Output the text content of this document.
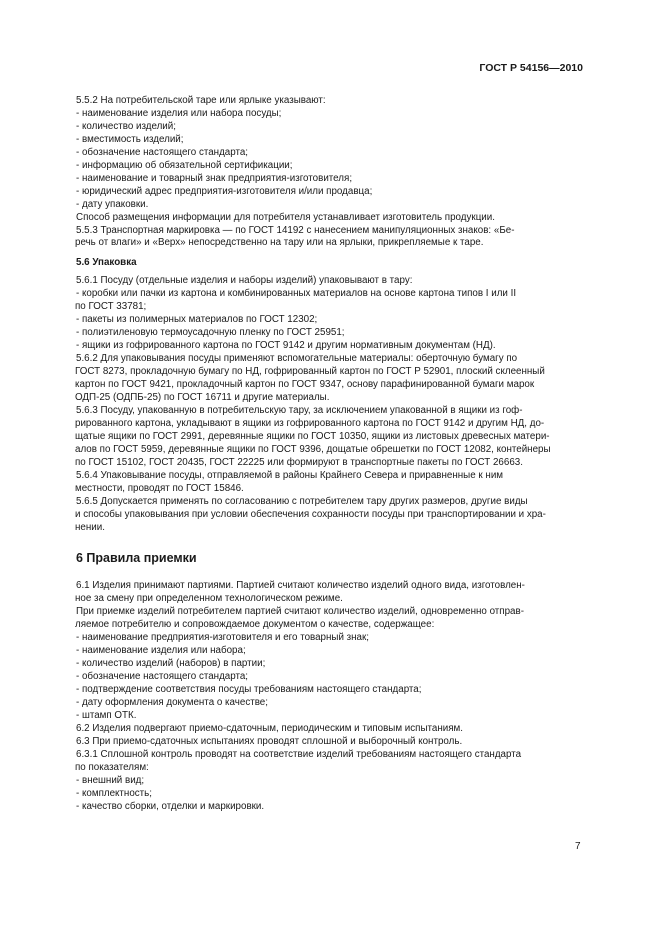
ГОСТ Р 54156—2010

5.5.2 На потребительской таре или ярлыке указывают:

- наименование изделия или набора посуды;

- количество изделий;

- вместимость изделий;

- обозначение настоящего стандарта;

- информацию об обязательной сертификации;

- наименование и товарный знак предприятия-изготовителя;

- юридический адрес предприятия-изготовителя и/или продавца;

- дату упаковки.

Способ размещения информации для потребителя устанавливает изготовитель продукции.

5.5.3 Транспортная маркировка — по ГОСТ 14192 с нанесением манипуляционных знаков: «Бе-

речь от влаги» и «Верх» непосредственно на тару или на ярлыки, прикрепляемые к таре.

5.6 Упаковка

5.6.1 Посуду (отдельные изделия и наборы изделий) упаковывают в тару:

- коробки или пачки из картона и комбинированных материалов на основе картона типов I или II

по ГОСТ 33781;

- пакеты из полимерных материалов по ГОСТ 12302;

- полиэтиленовую термоусадочную пленку по ГОСТ 25951;

- ящики из гофрированного картона по ГОСТ 9142 и другим нормативным документам (НД).

5.6.2 Для упаковывания посуды применяют вспомогательные материалы: оберточную бумагу по

ГОСТ 8273, прокладочную бумагу по НД, гофрированный картон по ГОСТ Р 52901, плоский склеенный

картон по ГОСТ 9421, прокладочный картон по ГОСТ 9347, основу парафинированной бумаги марок

ОДП-25 (ОДПБ-25) по ГОСТ 16711 и другие материалы.

5.6.3 Посуду, упакованную в потребительскую тару, за исключением упакованной в ящики из гоф-

рированного картона, укладывают в ящики из гофрированного картона по ГОСТ 9142 и другим НД, до-

щатые ящики по ГОСТ 2991, деревянные ящики по ГОСТ 10350, ящики из листовых древесных матери-

алов по ГОСТ 5959, деревянные ящики по ГОСТ 9396, дощатые обрешетки по ГОСТ 12082, контейнеры

по ГОСТ 15102, ГОСТ 20435, ГОСТ 22225 или формируют в транспортные пакеты по ГОСТ 26663.

5.6.4 Упаковывание посуды, отправляемой в районы Крайнего Севера и приравненные к ним

местности, проводят по ГОСТ 15846.

5.6.5 Допускается применять по согласованию с потребителем тару других размеров, другие виды

и способы упаковывания при условии обеспечения сохранности посуды при транспортировании и хра-

нении.

6 Правила приемки

6.1 Изделия принимают партиями. Партией считают количество изделий одного вида, изготовлен-

ное за смену при определенном технологическом режиме.

При приемке изделий потребителем партией считают количество изделий, одновременно отправ-

ляемое потребителю и сопровождаемое документом о качестве, содержащее:

- наименование предприятия-изготовителя и его товарный знак;

- наименование изделия или набора;

- количество изделий (наборов) в партии;

- обозначение настоящего стандарта;

- подтверждение соответствия посуды требованиям настоящего стандарта;

- дату оформления документа о качестве;

- штамп ОТК.

6.2 Изделия подвергают приемо-сдаточным, периодическим и типовым испытаниям.

6.3 При приемо-сдаточных испытаниях проводят сплошной и выборочный контроль.

6.3.1 Сплошной контроль проводят на соответствие изделий требованиям настоящего стандарта

по показателям:

- внешний вид;

- комплектность;

- качество сборки, отделки и маркировки.

7
